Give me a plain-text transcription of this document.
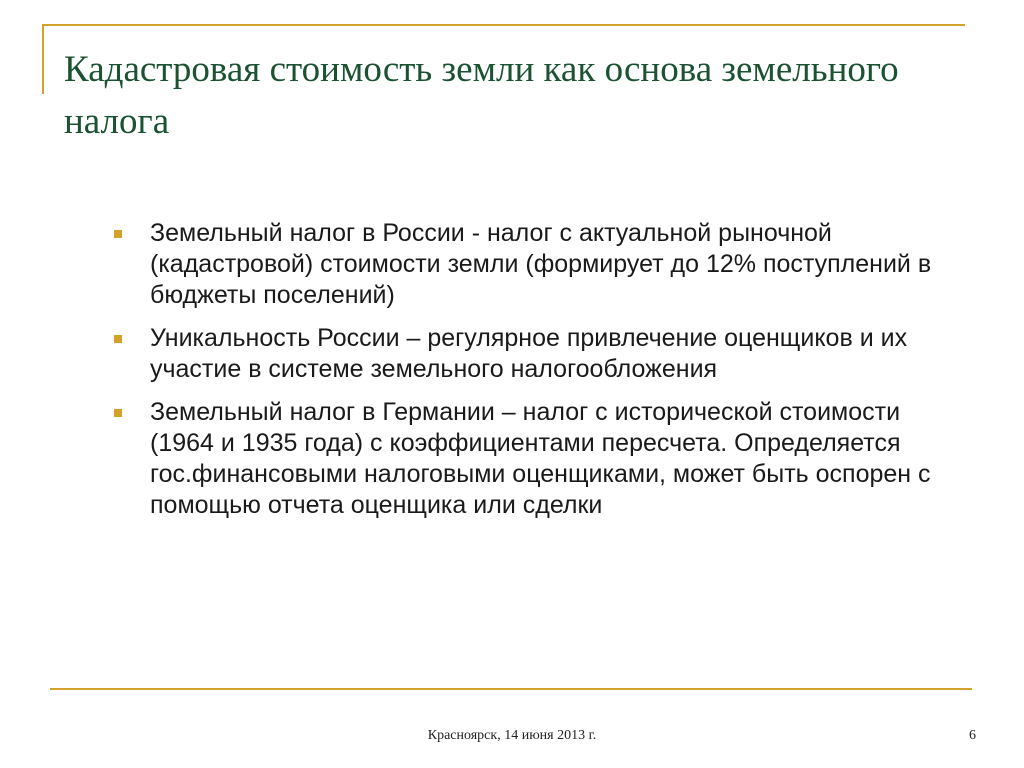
Кадастровая стоимость земли как основа земельного налога
Земельный налог в России - налог с актуальной рыночной (кадастровой) стоимости земли (формирует до 12% поступлений в бюджеты поселений)
Уникальность России – регулярное привлечение оценщиков и их участие в системе земельного налогообложения
Земельный налог в Германии – налог с исторической стоимости (1964 и 1935 года) с коэффициентами пересчета. Определяется гос.финансовыми налоговыми оценщиками, может быть оспорен с помощью отчета оценщика или сделки
Красноярск, 14 июня 2013 г.	6
